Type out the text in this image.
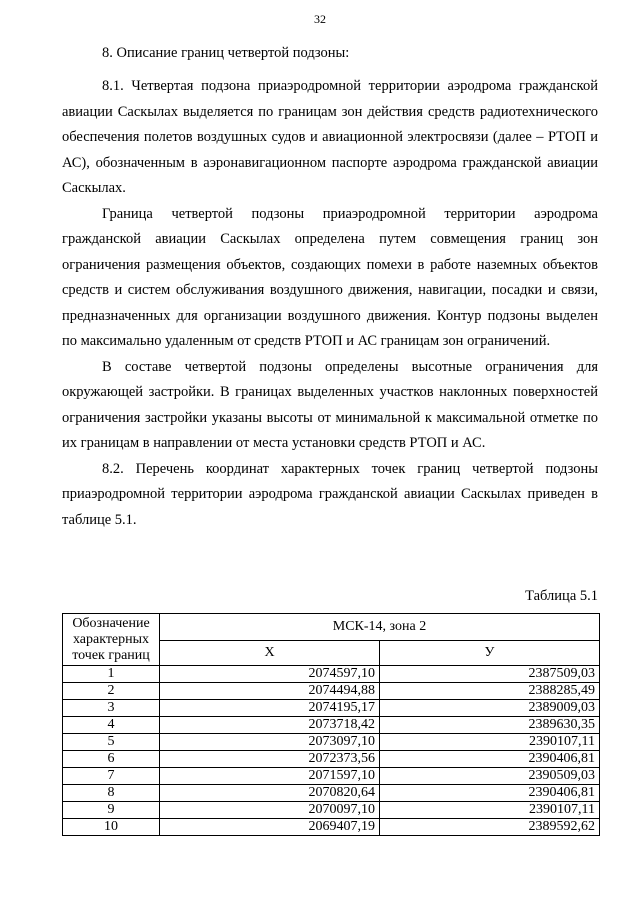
32

8. Описание границ четвертой подзоны:

8.1. Четвертая подзона приаэродромной территории аэродрома гражданской авиации Саскылах выделяется по границам зон действия средств радиотехнического обеспечения полетов воздушных судов и авиационной электросвязи (далее – РТОП и АС), обозначенным в аэронавигационном паспорте аэродрома гражданской авиации Саскылах.

Граница четвертой подзоны приаэродромной территории аэродрома гражданской авиации Саскылах определена путем совмещения границ зон ограничения размещения объектов, создающих помехи в работе наземных объектов средств и систем обслуживания воздушного движения, навигации, посадки и связи, предназначенных для организации воздушного движения. Контур подзоны выделен по максимально удаленным от средств РТОП и АС границам зон ограничений.

В составе четвертой подзоны определены высотные ограничения для окружающей застройки. В границах выделенных участков наклонных поверхностей ограничения застройки указаны высоты от минимальной к максимальной отметке по их границам в направлении от места установки средств РТОП и АС.

8.2. Перечень координат характерных точек границ четвертой подзоны приаэродромной территории аэродрома гражданской авиации Саскылах приведен в таблице 5.1.

Таблица 5.1
Обозначение характерных точек границ	МСК-14, зона 2	
	X	У
1	2074597,10	2387509,03
2	2074494,88	2388285,49
3	2074195,17	2389009,03
4	2073718,42	2389630,35
5	2073097,10	2390107,11
6	2072373,56	2390406,81
7	2071597,10	2390509,03
8	2070820,64	2390406,81
9	2070097,10	2390107,11
10	2069407,19	2389592,62
